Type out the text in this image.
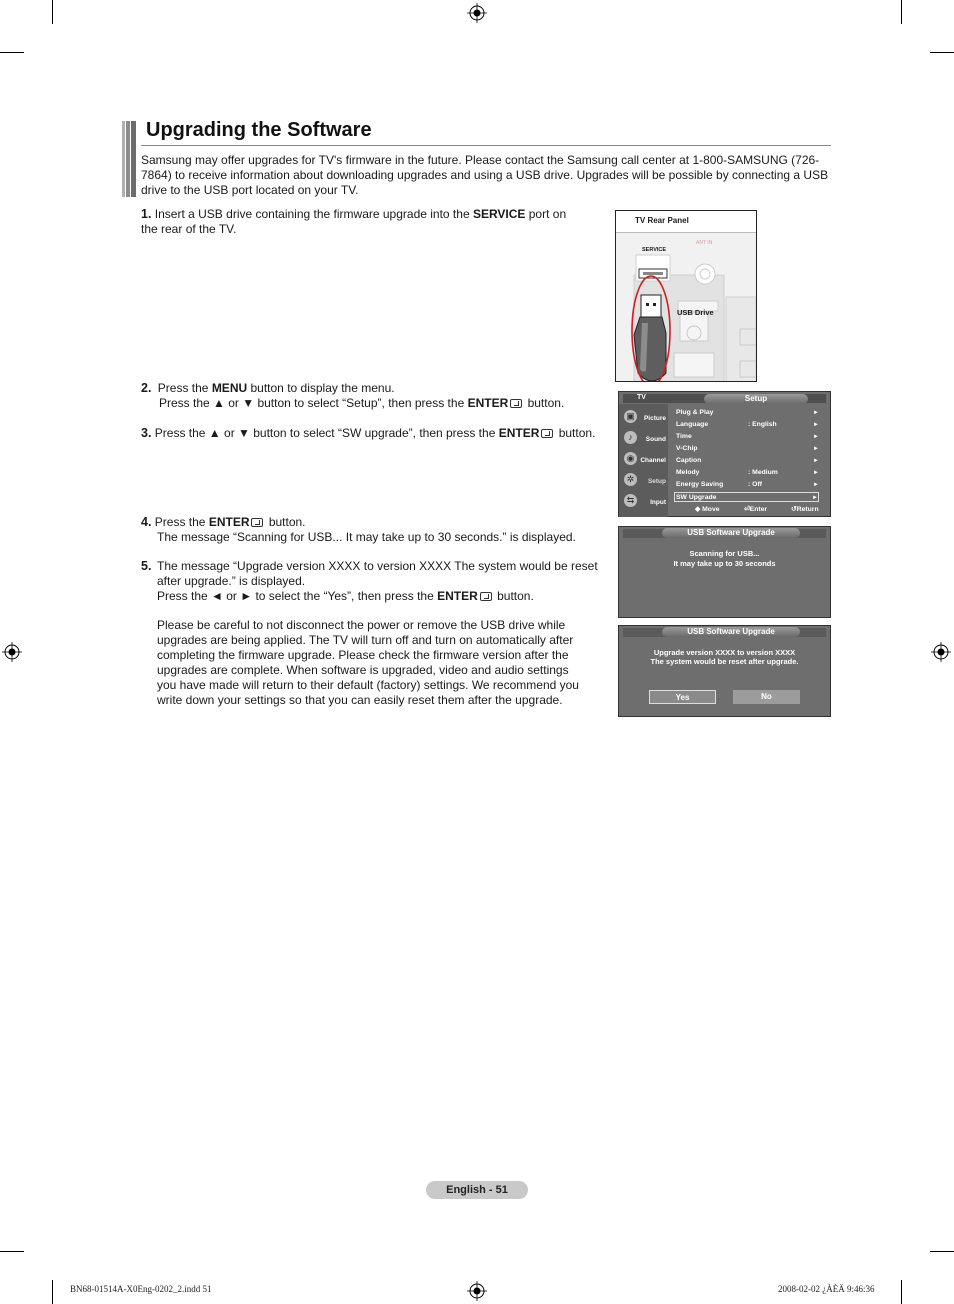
Upgrading the Software

Samsung may offer upgrades for TV's firmware in the future. Please contact the Samsung call center at 1-800-SAMSUNG (726-7864) to receive information about downloading upgrades and using a USB drive. Upgrades will be possible by connecting a USB drive to the USB port located on your TV.

1. Insert a USB drive containing the firmware upgrade into the SERVICE port on the rear of the TV.
2. Press the MENU button to display the menu.
Press the ▲ or ▼ button to select “Setup”, then press the ENTER button.
3. Press the ▲ or ▼ button to select “SW upgrade”, then press the ENTER button.
4. Press the ENTER button.
The message “Scanning for USB... It may take up to 30 seconds.” is displayed.
5. The message “Upgrade version XXXX to version XXXX The system would be reset after upgrade.” is displayed.
Press the ◄ or ► to select the “Yes”, then press the ENTER button.
Please be careful to not disconnect the power or remove the USB drive while upgrades are being applied. The TV will turn off and turn on automatically after completing the firmware upgrade. Please check the firmware version after the upgrades are complete. When software is upgraded, video and audio settings you have made will return to their default (factory) settings. We recommend you write down your settings so that you can easily reset them after the upgrade.
TV Rear Panel
SERVICE
ANT IN
USB Drive
TV	Setup
▣	Picture
♪	Sound
◉ Channel
✲	Setup
⇆	Input
Plug & Play	►
Language	: English	►
Time	►
V-Chip	►
Caption	►
Melody	: Medium	►
Energy Saving	: Off	►
SW Upgrade	►
◆ Move	⏎Enter	↺Return
USB Software Upgrade
Scanning for USB...
It may take up to 30 seconds
USB Software Upgrade
Upgrade version XXXX to version XXXX
The system would be reset after upgrade.
Yes	No
English - 51
BN68-01514A-X0Eng-0202_2.indd 51	2008-02-02 ¿ÀÈÄ 9:46:36
